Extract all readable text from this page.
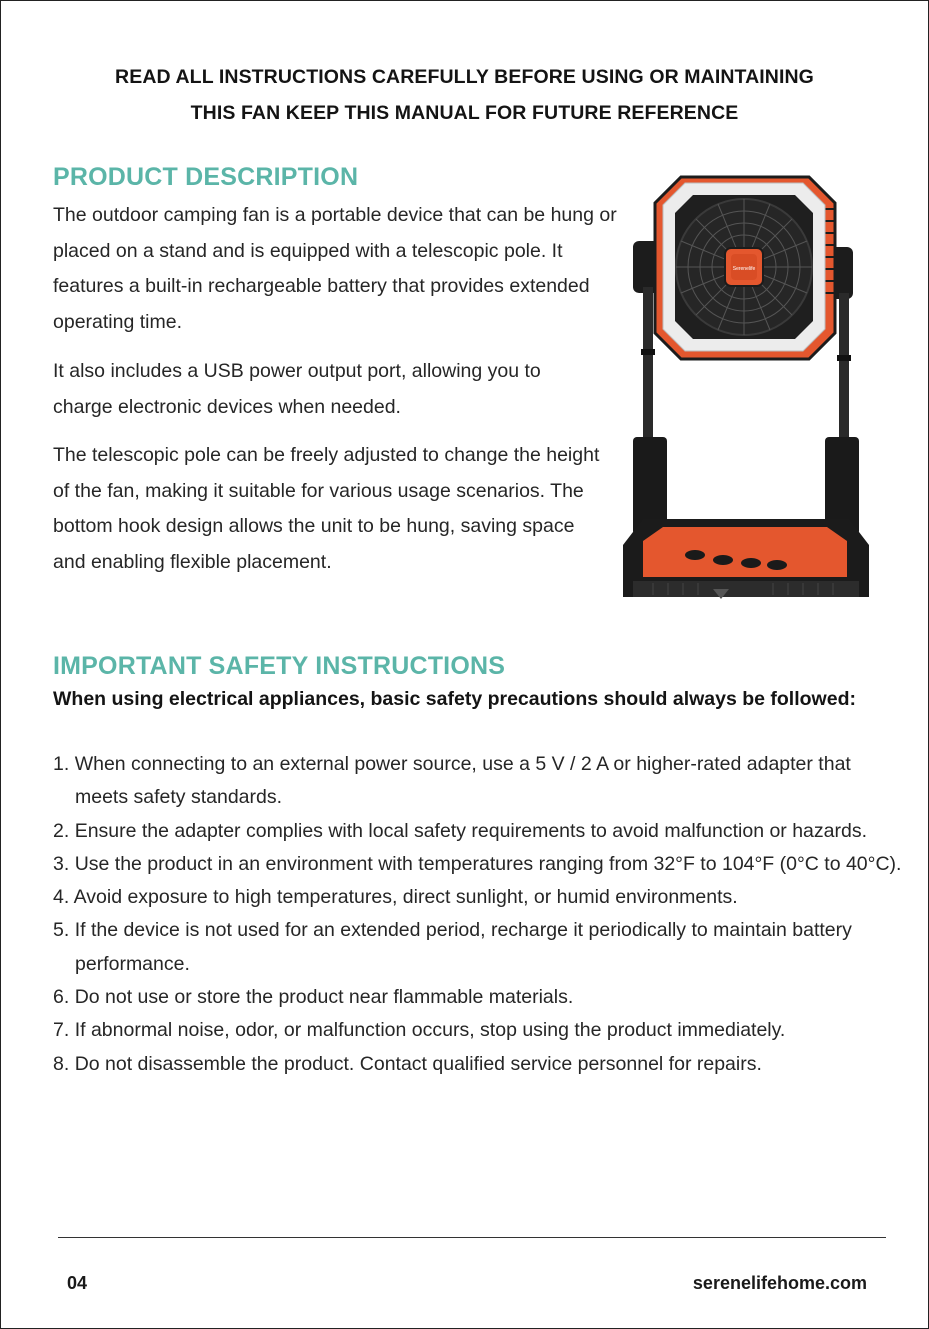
READ ALL INSTRUCTIONS CAREFULLY BEFORE USING OR MAINTAINING
THIS FAN KEEP THIS MANUAL FOR FUTURE REFERENCE
PRODUCT DESCRIPTION

The outdoor camping fan is a portable device that can be hung or placed on a stand and is equipped with a telescopic pole. It features a built-in rechargeable battery that provides extended operating time.

It also includes a USB power output port, allowing you to charge electronic devices when needed.

The telescopic pole can be freely adjusted to change the height of the fan, making it suitable for various usage scenarios. The bottom hook design allows the unit to be hung, saving space and enabling flexible placement.

Serenelife
IMPORTANT SAFETY INSTRUCTIONS
When using electrical appliances, basic safety precautions should always be followed:
1. When connecting to an external power source, use a 5 V / 2 A or higher-rated adapter that meets safety standards.
2. Ensure the adapter complies with local safety requirements to avoid malfunction or hazards.
3. Use the product in an environment with temperatures ranging from 32°F to 104°F (0°C to 40°C).
4. Avoid exposure to high temperatures, direct sunlight, or humid environments.
5. If the device is not used for an extended period, recharge it periodically to maintain battery performance.
6. Do not use or store the product near flammable materials.
7. If abnormal noise, odor, or malfunction occurs, stop using the product immediately.
8. Do not disassemble the product. Contact qualified service personnel for repairs.
04	serenelifehome.com
